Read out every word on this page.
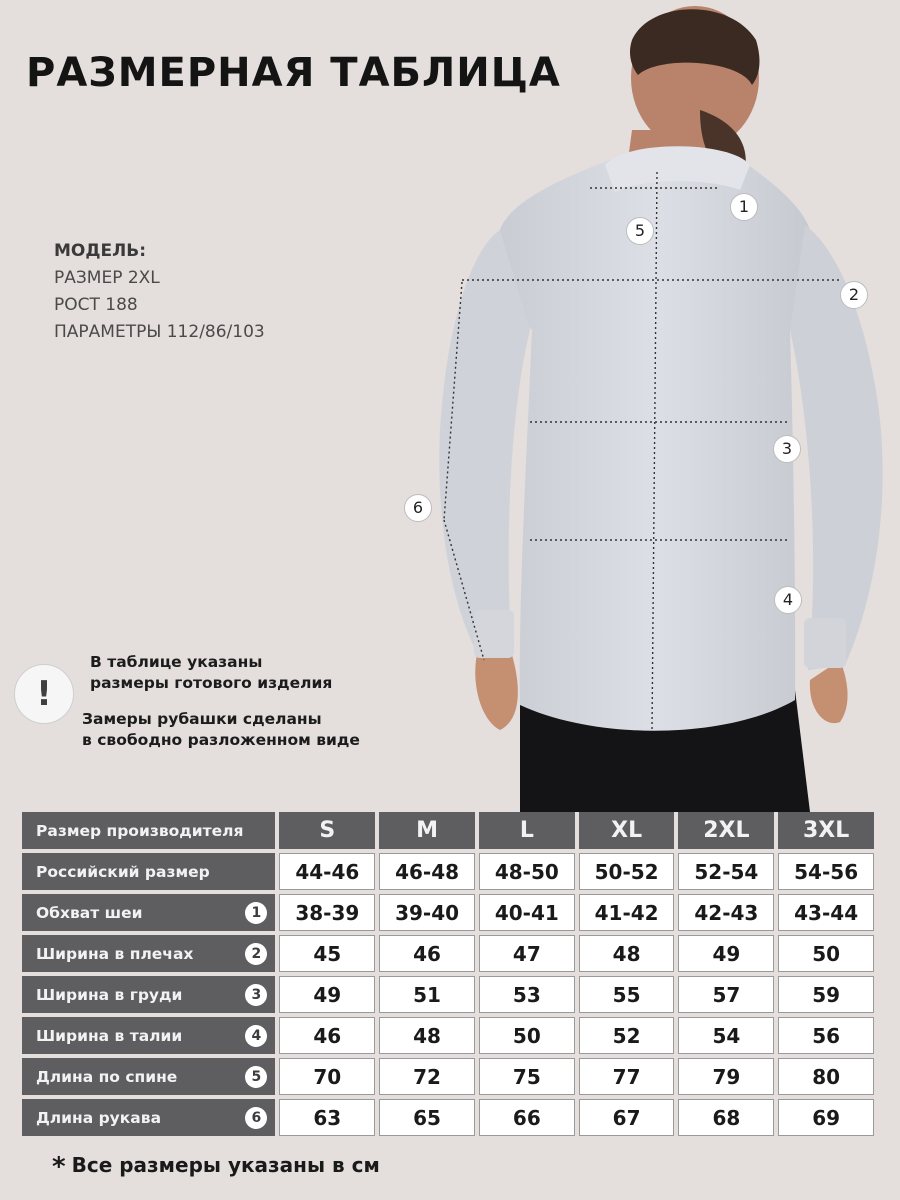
РАЗМЕРНАЯ ТАБЛИЦА
МОДЕЛЬ:
РАЗМЕР 2XL
РОСТ 188
ПАРАМЕТРЫ 112/86/103
1
5
2
3
6
4
!
В таблице указаны
размеры готового изделия
Замеры рубашки сделаны
в свободно разложенном виде
Размер производителя	S	M	L	XL	2XL	3XL
Российский размер	44-46	46-48	48-50	50-52	52-54	54-56
Обхват шеи	1	38-39	39-40	40-41	41-42	42-43	43-44
Ширина в плечах	2	45	46	47	48	49	50
Ширина в груди	3	49	51	53	55	57	59
Ширина в талии	4	46	48	50	52	54	56
Длина по спине	5	70	72	75	77	79	80
Длина рукава	6	63	65	66	67	68	69
* Все размеры указаны в см
